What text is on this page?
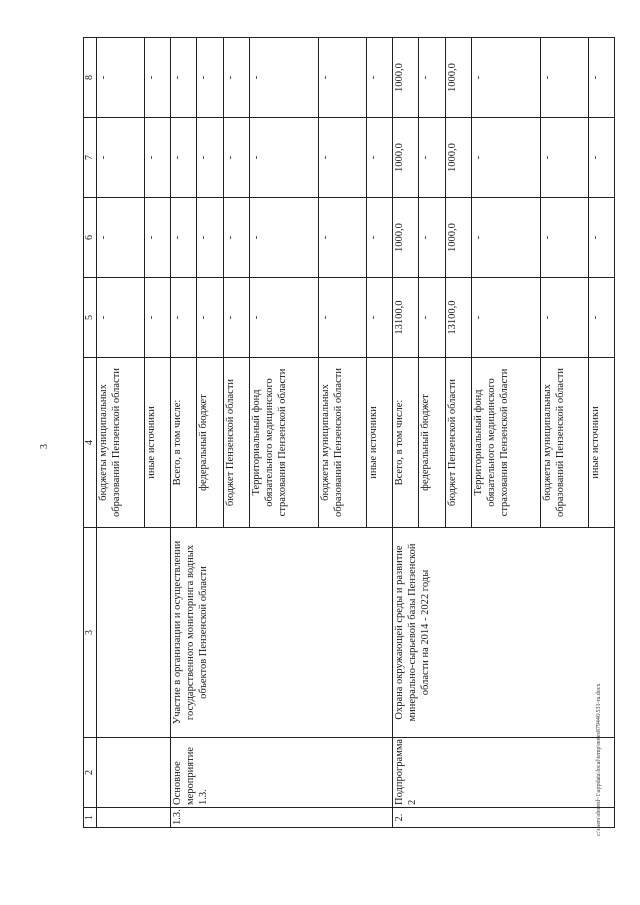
3
1	2	3	4	5	6	7	8
			бюджеты муниципальных образований Пензенской области	-	-	-	-
			иные источники	-	-	-	-
1.3.	Основное мероприятие 1.3.	Участие в организации и осуществлении государственного мониторинга водных объектов Пензенской области	Всего, в том числе:	-	-	-	-
			федеральный бюджет	-	-	-	-
			бюджет Пензенской области	-	-	-	-
			Территориальный фонд обязательного медицинского страхования Пензенской области	-	-	-	-
			бюджеты муниципальных образований Пензенской области	-	-	-	-
			иные источники	-	-	-	-
2.	Подпрограмма 2	Охрана окружающей среды и развитие минерально-сырьевой базы Пензенской области на 2014 - 2022 годы	Всего, в том числе:	13100,0	1000,0	1000,0	1000,0
			федеральный бюджет	-	-	-	-
			бюджет Пензенской области	13100,0	1000,0	1000,0	1000,0
			Территориальный фонд обязательного медицинского страхования Пензенской области	-	-	-	-
			бюджеты муниципальных образований Пензенской области	-	-	-	-
			иные источники	-	-	-	-
c:\users\sbored~1\appdata\local\temp\notes879446\531-ra.docx
